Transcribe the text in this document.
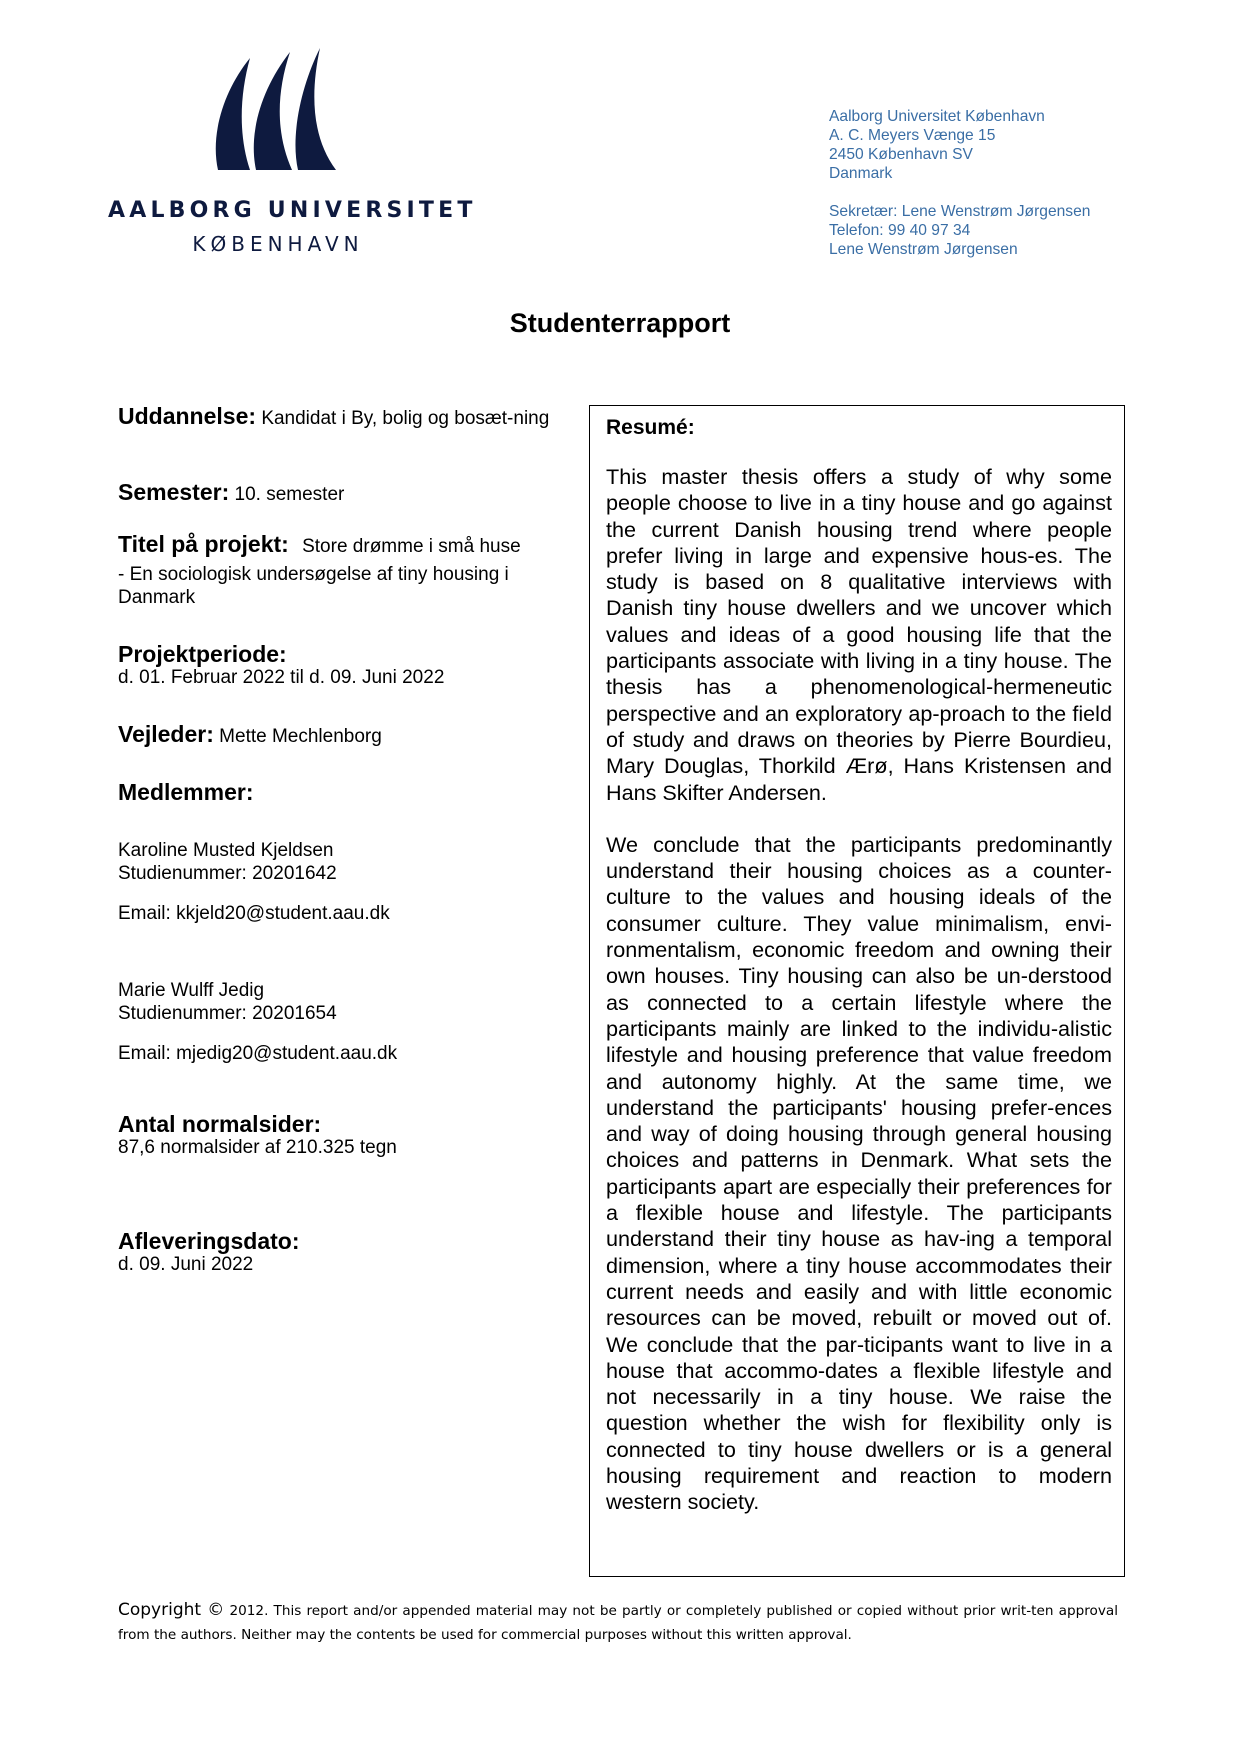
AALBORG UNIVERSITET
KØBENHAVN
Aalborg Universitet København
A. C. Meyers Vænge 15
2450 København SV
Danmark
Sekretær: Lene Wenstrøm Jørgensen
Telefon: 99 40 97 34
Lene Wenstrøm Jørgensen
Studenterrapport
Uddannelse: Kandidat i By, bolig og bosæt-ning
Semester: 10. semester
Titel på projekt: Store drømme i små huse
- En sociologisk undersøgelse af tiny housing i Danmark
Projektperiode:
d. 01. Februar 2022 til d. 09. Juni 2022
Vejleder: Mette Mechlenborg
Medlemmer:
Karoline Musted Kjeldsen
Studienummer: 20201642
Email: kkjeld20@student.aau.dk
Marie Wulff Jedig
Studienummer: 20201654
Email: mjedig20@student.aau.dk
Antal normalsider:
87,6 normalsider af 210.325 tegn
Afleveringsdato:
d. 09. Juni 2022
Resumé:

This master thesis offers a study of why some people choose to live in a tiny house and go against the current Danish housing trend where people prefer living in large and expensive hous-es. The study is based on 8 qualitative interviews with Danish tiny house dwellers and we uncover which values and ideas of a good housing life that the participants associate with living in a tiny house. The thesis has a phenomenological-hermeneutic perspective and an exploratory ap-proach to the field of study and draws on theories by Pierre Bourdieu, Mary Douglas, Thorkild Ærø, Hans Kristensen and Hans Skifter Andersen.

We conclude that the participants predominantly understand their housing choices as a counter-culture to the values and housing ideals of the consumer culture. They value minimalism, envi-ronmentalism, economic freedom and owning their own houses. Tiny housing can also be un-derstood as connected to a certain lifestyle where the participants mainly are linked to the individu-alistic lifestyle and housing preference that value freedom and autonomy highly. At the same time, we understand the participants' housing prefer-ences and way of doing housing through general housing choices and patterns in Denmark. What sets the participants apart are especially their preferences for a flexible house and lifestyle. The participants understand their tiny house as hav-ing a temporal dimension, where a tiny house accommodates their current needs and easily and with little economic resources can be moved, rebuilt or moved out of. We conclude that the par-ticipants want to live in a house that accommo-dates a flexible lifestyle and not necessarily in a tiny house. We raise the question whether the wish for flexibility only is connected to tiny house dwellers or is a general housing requirement and reaction to modern western society.

Copyright © 2012. This report and/or appended material may not be partly or completely published or copied without prior writ-ten approval from the authors. Neither may the contents be used for commercial purposes without this written approval.
